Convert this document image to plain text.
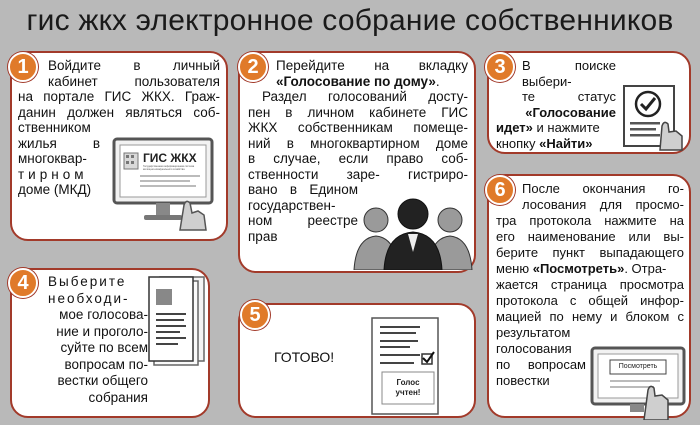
гис жкх электронное собрание собственников
1	Войдите в личный
кабинет пользователя
на портале ГИС ЖКХ. Граж-
данин должен являться соб-
ственником
жилья в
многоквар-
тирном
доме (МКД)
ГИС ЖКХ
Государственная информационная система жилищно-коммунального хозяйства
2	Перейдите на вкладку
«Голосование по дому».
Раздел голосований досту-
пен в личном кабинете ГИС
ЖКХ собственникам помеще-
ний в многоквартирном доме
в случае, если право соб-
ственности заре- гистриро-
вано в Едином
государствен-
ном реестре
прав
3	В поиске выбери-
те статус
«Голосование
идет» и нажмите
кнопку «Найти»
4	Выберите
необходи-
мое голосова-
ние и проголо-
суйте по всем
вопросам по-
вестки общего
собрания
5
ГОТОВО!
Голос учтен!
6	После окончания го-
лосования для просмо-
тра протокола нажмите на
его наименование или вы-
берите пункт выпадающего
меню «Посмотреть». Отра-
жается страница просмотра
протокола с общей инфор-
мацией по нему и блоком с
результатом
голосования
по вопросам
повестки
Посмотреть
